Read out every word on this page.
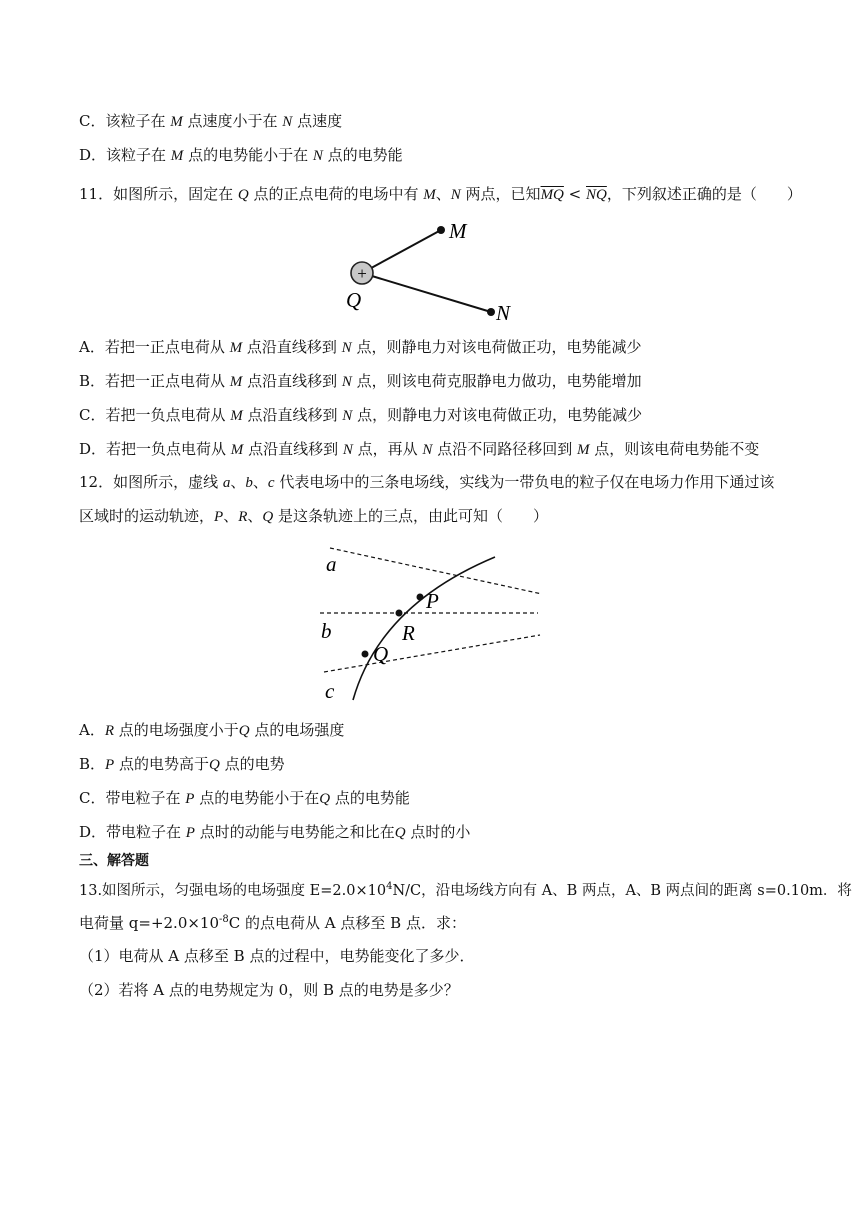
C．该粒子在 M 点速度小于在 N 点速度
D．该粒子在 M 点的电势能小于在 N 点的电势能
11．如图所示，固定在 Q 点的正点电荷的电场中有 M、N 两点，已知$\overline{MQ} < \overline{NQ}$，下列叙述正确的是（　　）
+
M
N
Q
A．若把一正点电荷从 M 点沿直线移到 N 点，则静电力对该电荷做正功，电势能减少
B．若把一正点电荷从 M 点沿直线移到 N 点，则该电荷克服静电力做功，电势能增加
C．若把一负点电荷从 M 点沿直线移到 N 点，则静电力对该电荷做正功，电势能减少
D．若把一负点电荷从 M 点沿直线移到 N 点，再从 N 点沿不同路径移回到 M 点，则该电荷电势能不变
12．如图所示，虚线 a、b、c 代表电场中的三条电场线，实线为一带负电的粒子仅在电场力作用下通过该
区域时的运动轨迹，P、R、Q 是这条轨迹上的三点，由此可知（　　）
a
b
c
P
R
Q
A．R 点的电场强度小于Q 点的电场强度
B．P 点的电势高于Q 点的电势
C．带电粒子在 P 点的电势能小于在Q 点的电势能
D．带电粒子在 P 点时的动能与电势能之和比在Q 点时的小
三、解答题
13.如图所示，匀强电场的电场强度 $E=2.0\times 10^4N/C$，沿电场线方向有 A、B 两点，A、B 两点间的距离 s=0.10m．将
电荷量 $q=+2.0\times 10^{-8}C$ 的点电荷从 A 点移至 B 点．求：
（1）电荷从 A 点移至 B 点的过程中，电势能变化了多少．
（2）若将 A 点的电势规定为 0，则 B 点的电势是多少？
